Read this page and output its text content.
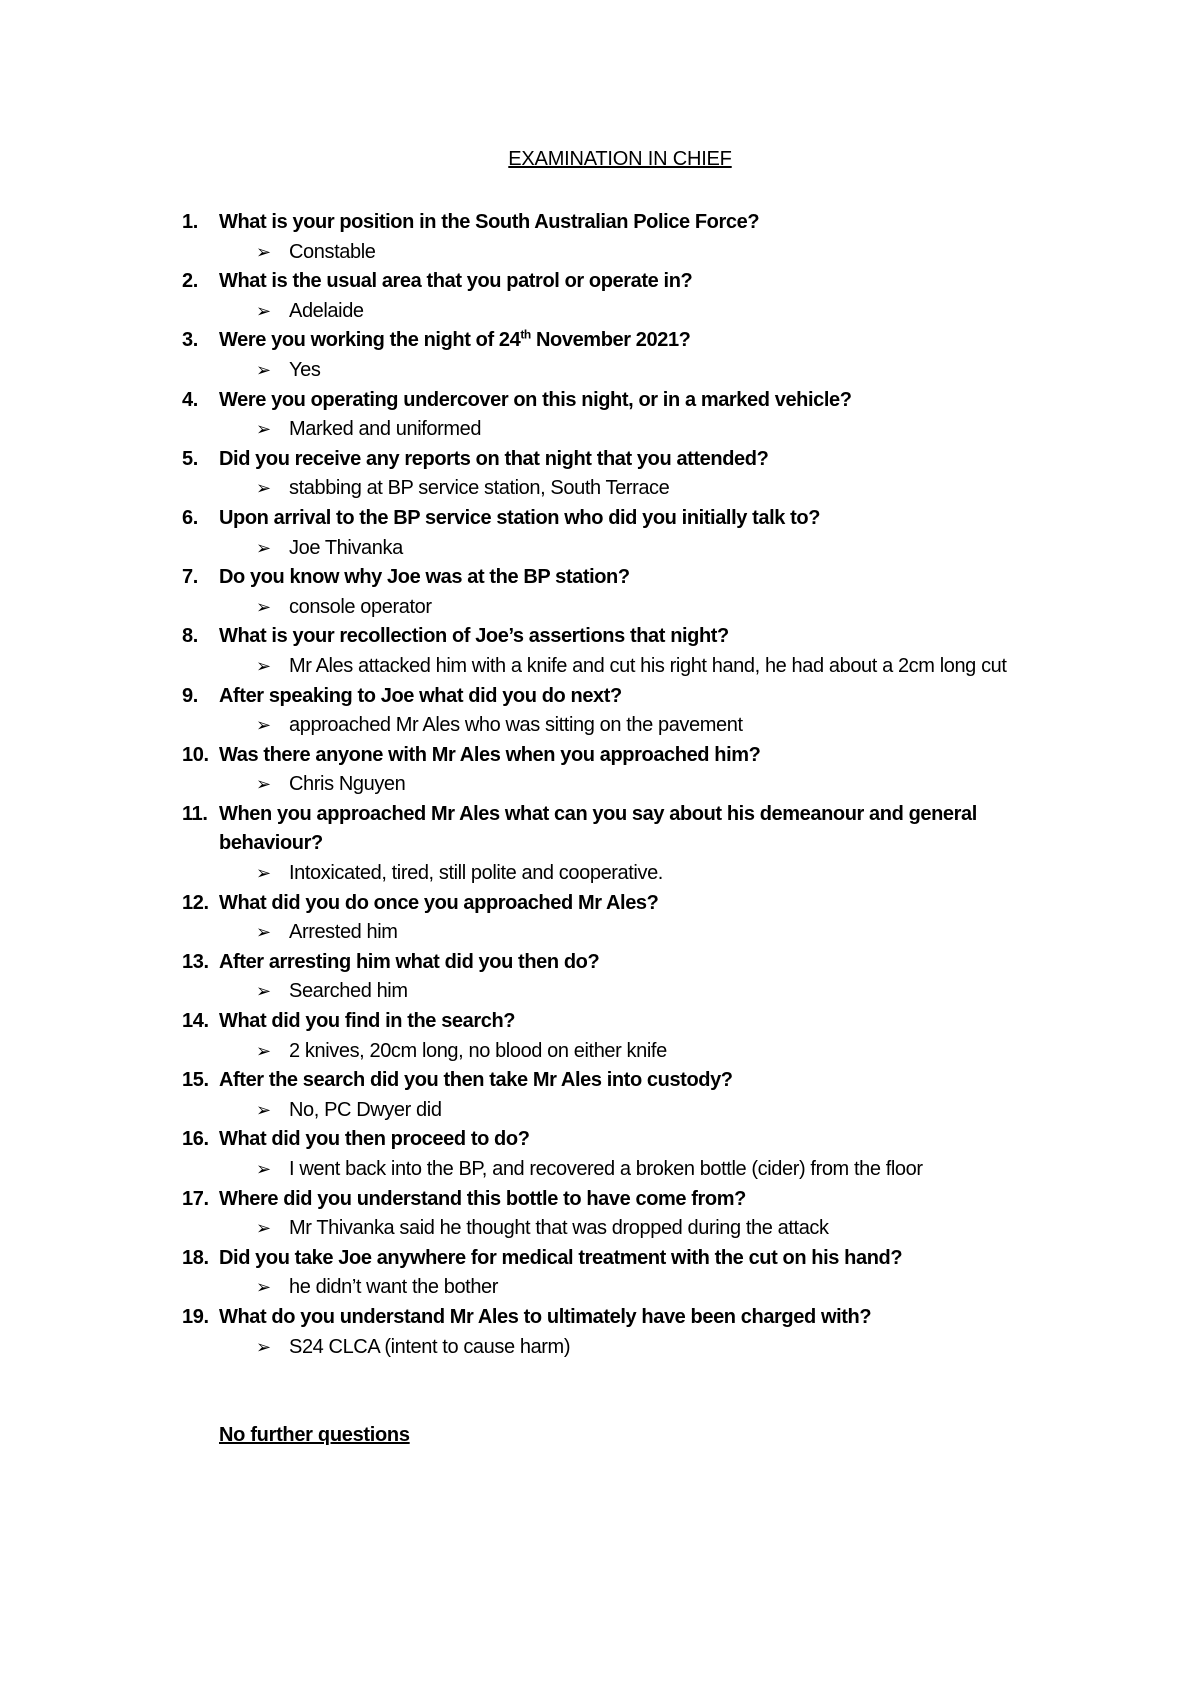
EXAMINATION IN CHIEF
1.	What is your position in the South Australian Police Force?
➢ Constable
2.	What is the usual area that you patrol or operate in?
➢ Adelaide
3.	Were you working the night of 24th November 2021?
➢ Yes
4.	Were you operating undercover on this night, or in a marked vehicle?
➢ Marked and uniformed
5.	Did you receive any reports on that night that you attended?
➢ stabbing at BP service station, South Terrace
6.	Upon arrival to the BP service station who did you initially talk to?
➢ Joe Thivanka
7.	Do you know why Joe was at the BP station?
➢ console operator
8.	What is your recollection of Joe’s assertions that night?
➢ Mr Ales attacked him with a knife and cut his right hand, he had about a 2cm long cut
9.	After speaking to Joe what did you do next?
➢ approached Mr Ales who was sitting on the pavement
10. Was there anyone with Mr Ales when you approached him?
➢ Chris Nguyen
11. When you approached Mr Ales what can you say about his demeanour and general behaviour?
➢ Intoxicated, tired, still polite and cooperative.
12. What did you do once you approached Mr Ales?
➢ Arrested him
13. After arresting him what did you then do?
➢ Searched him
14. What did you find in the search?
➢ 2 knives, 20cm long, no blood on either knife
15. After the search did you then take Mr Ales into custody?
➢ No, PC Dwyer did
16. What did you then proceed to do?
➢ I went back into the BP, and recovered a broken bottle (cider) from the floor
17. Where did you understand this bottle to have come from?
➢ Mr Thivanka said he thought that was dropped during the attack
18. Did you take Joe anywhere for medical treatment with the cut on his hand?
➢ he didn’t want the bother
19. What do you understand Mr Ales to ultimately have been charged with?
➢ S24 CLCA (intent to cause harm)
No further questions
